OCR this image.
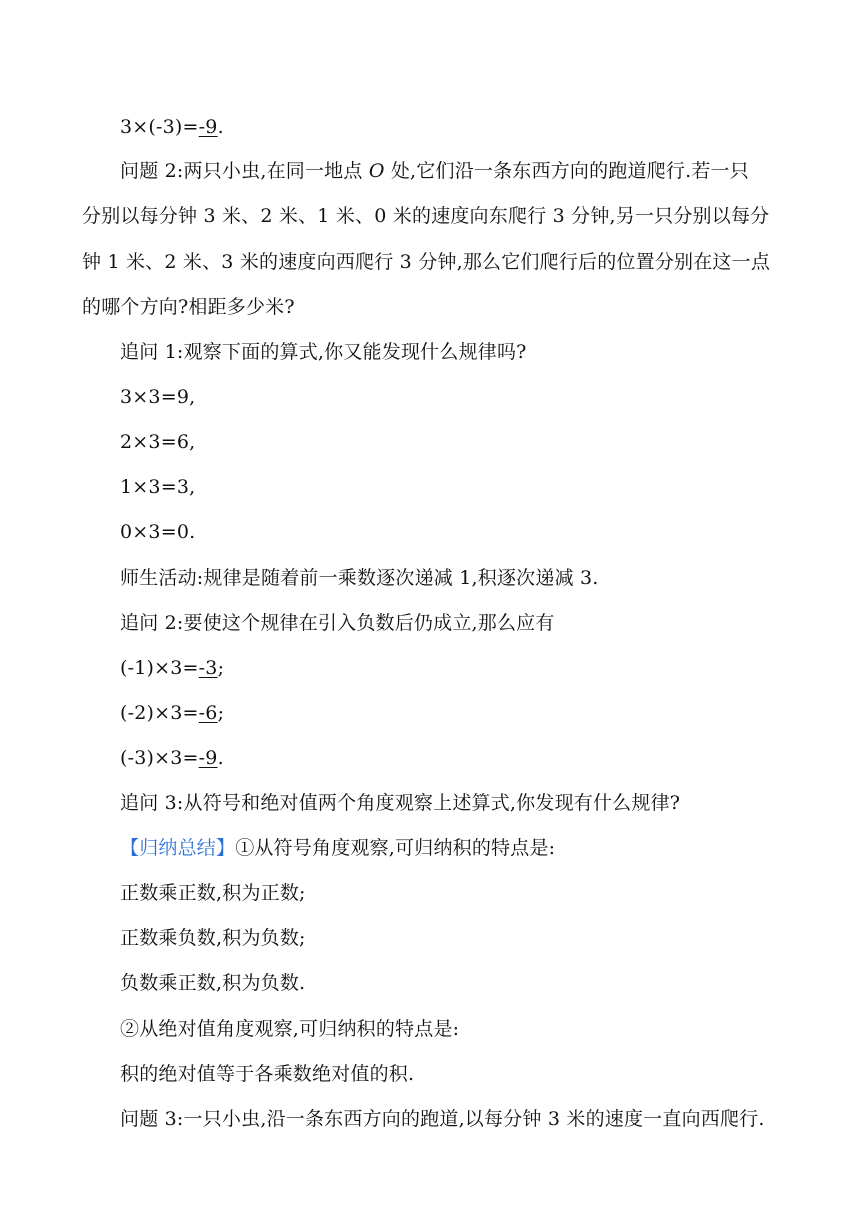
3×(-3)=-9.
问题 2:两只小虫,在同一地点 O 处,它们沿一条东西方向的跑道爬行.若一只
分别以每分钟 3 米、2 米、1 米、0 米的速度向东爬行 3 分钟,另一只分别以每分
钟 1 米、2 米、3 米的速度向西爬行 3 分钟,那么它们爬行后的位置分别在这一点
的哪个方向?相距多少米?
追问 1:观察下面的算式,你又能发现什么规律吗?
3×3=9,
2×3=6,
1×3=3,
0×3=0.
师生活动:规律是随着前一乘数逐次递减 1,积逐次递减 3.
追问 2:要使这个规律在引入负数后仍成立,那么应有
(-1)×3=-3;
(-2)×3=-6;
(-3)×3=-9.
追问 3:从符号和绝对值两个角度观察上述算式,你发现有什么规律?
【归纳总结】①从符号角度观察,可归纳积的特点是:
正数乘正数,积为正数;
正数乘负数,积为负数;
负数乘正数,积为负数.
②从绝对值角度观察,可归纳积的特点是:
积的绝对值等于各乘数绝对值的积.
问题 3:一只小虫,沿一条东西方向的跑道,以每分钟 3 米的速度一直向西爬行.
